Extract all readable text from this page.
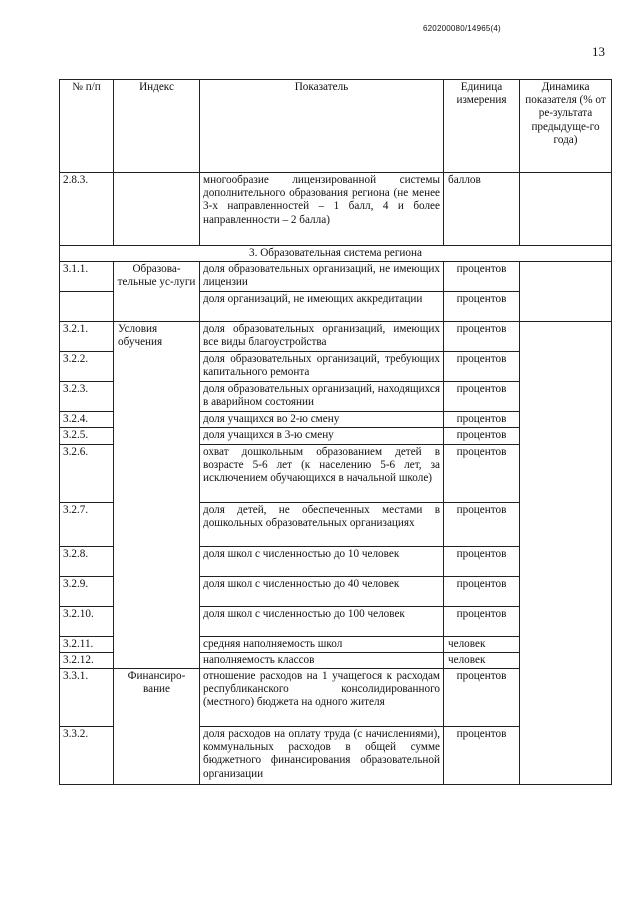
620200080/14965(4)
13
№ п/п	Индекс	Показатель	Единица измерения	Динамика показателя (% от ре-зультата предыдуще-го года)
2.8.3.		многообразие лицензированной системы дополнительного образования региона (не менее 3-х направленностей – 1 балл, 4 и более направленности – 2 балла)	баллов	
3. Образовательная система региона				
3.1.1.	Образова-тельные ус-луги	доля образовательных организаций, не имеющих лицензии	процентов	
		доля организаций, не имеющих аккредитации	процентов	
3.2.1.	Условия обучения	доля образовательных организаций, имеющих все виды благоустройства	процентов	
3.2.2.		доля образовательных организаций, требующих капитального ремонта	процентов	
3.2.3.		доля образовательных организаций, находящихся в аварийном состоянии	процентов	
3.2.4.		доля учащихся во 2-ю смену	процентов	
3.2.5.		доля учащихся в 3-ю смену	процентов	
3.2.6.		охват дошкольным образованием детей в возрасте 5-6 лет (к населению 5-6 лет, за исключением обучающихся в начальной школе)	процентов	
3.2.7.		доля детей, не обеспеченных местами в дошкольных образовательных организациях	процентов	
3.2.8.		доля школ с численностью до 10 человек	процентов	
3.2.9.		доля школ с численностью до 40 человек	процентов	
3.2.10.		доля школ с численностью до 100 человек	процентов	
3.2.11.		средняя наполняемость школ	человек	
3.2.12.		наполняемость классов	человек	
3.3.1.	Финансиро-вание	отношение расходов на 1 учащегося к расходам республиканского консолидированного (местного) бюджета на одного жителя	процентов	
3.3.2.		доля расходов на оплату труда (с начислениями), коммунальных расходов в общей сумме бюджетного финансирования образовательной организации	процентов	
